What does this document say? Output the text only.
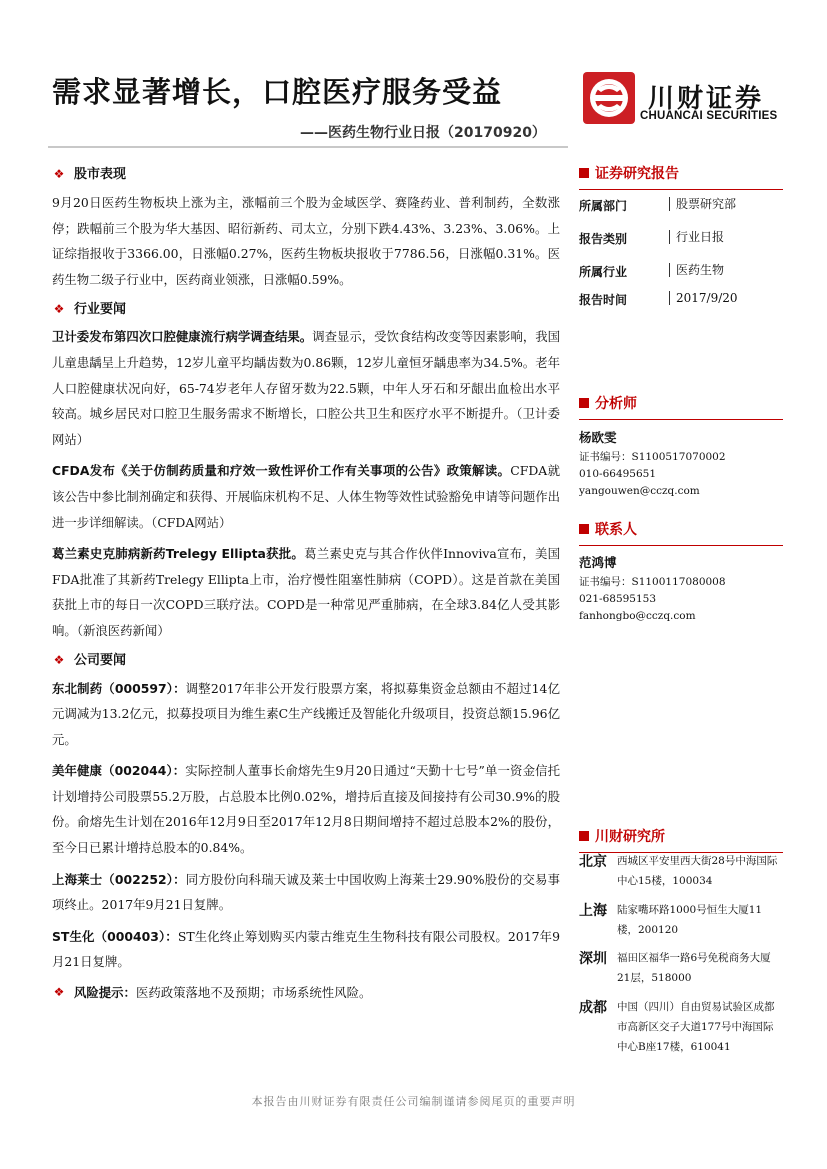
需求显著增长，口腔医疗服务受益
——医药生物行业日报（20170920）
川财证券
CHUANCAI SECURITIES
❖ 股市表现

9月20日医药生物板块上涨为主，涨幅前三个股为金域医学、赛隆药业、普利制药，全数涨停；跌幅前三个股为华大基因、昭衍新药、司太立，分别下跌4.43%、3.23%、3.06%。上证综指报收于3366.00，日涨幅0.27%，医药生物板块报收于7786.56，日涨幅0.31%。医药生物二级子行业中，医药商业领涨，日涨幅0.59%。

❖ 行业要闻

卫计委发布第四次口腔健康流行病学调查结果。调查显示，受饮食结构改变等因素影响，我国儿童患龋呈上升趋势，12岁儿童平均龋齿数为0.86颗，12岁儿童恒牙龋患率为34.5%。老年人口腔健康状况向好，65-74岁老年人存留牙数为22.5颗，中年人牙石和牙龈出血检出水平较高。城乡居民对口腔卫生服务需求不断增长，口腔公共卫生和医疗水平不断提升。（卫计委网站）

CFDA发布《关于仿制药质量和疗效一致性评价工作有关事项的公告》政策解读。CFDA就该公告中参比制剂确定和获得、开展临床机构不足、人体生物等效性试验豁免申请等问题作出进一步详细解读。（CFDA网站）

葛兰素史克肺病新药Trelegy Ellipta获批。葛兰素史克与其合作伙伴Innoviva宣布，美国FDA批准了其新药Trelegy Ellipta上市，治疗慢性阻塞性肺病（COPD）。这是首款在美国获批上市的每日一次COPD三联疗法。COPD是一种常见严重肺病，在全球3.84亿人受其影响。（新浪医药新闻）

❖ 公司要闻

东北制药（000597）：调整2017年非公开发行股票方案，将拟募集资金总额由不超过14亿元调减为13.2亿元，拟募投项目为维生素C生产线搬迁及智能化升级项目，投资总额15.96亿元。

美年健康（002044）：实际控制人董事长俞熔先生9月20日通过“天勤十七号”单一资金信托计划增持公司股票55.2万股，占总股本比例0.02%，增持后直接及间接持有公司30.9%的股份。俞熔先生计划在2016年12月9日至2017年12月8日期间增持不超过总股本2%的股份，至今日已累计增持总股本的0.84%。

上海莱士（002252）：同方股份向科瑞天诚及莱士中国收购上海莱士29.90%股份的交易事项终止。2017年9月21日复牌。

ST生化（000403）：ST生化终止筹划购买内蒙古维克生生物科技有限公司股权。2017年9月21日复牌。

❖ 风险提示：医药政策落地不及预期；市场系统性风险。
证券研究报告
所属部门	股票研究部
报告类别	行业日报
所属行业	医药生物
报告时间	2017/9/20
分析师
杨欧雯
证书编号：S1100517070002
010-66495651
yangouwen@cczq.com
联系人
范鸿博
证书编号：S1100117080008
021-68595153
fanhongbo@cczq.com
川财研究所
北京 西城区平安里西大街28号中海国际中心15楼，100034
上海 陆家嘴环路1000号恒生大厦11楼，200120
深圳 福田区福华一路6号免税商务大厦21层，518000
成都 中国（四川）自由贸易试验区成都市高新区交子大道177号中海国际中心B座17楼，610041
本报告由川财证券有限责任公司编制谨请参阅尾页的重要声明
